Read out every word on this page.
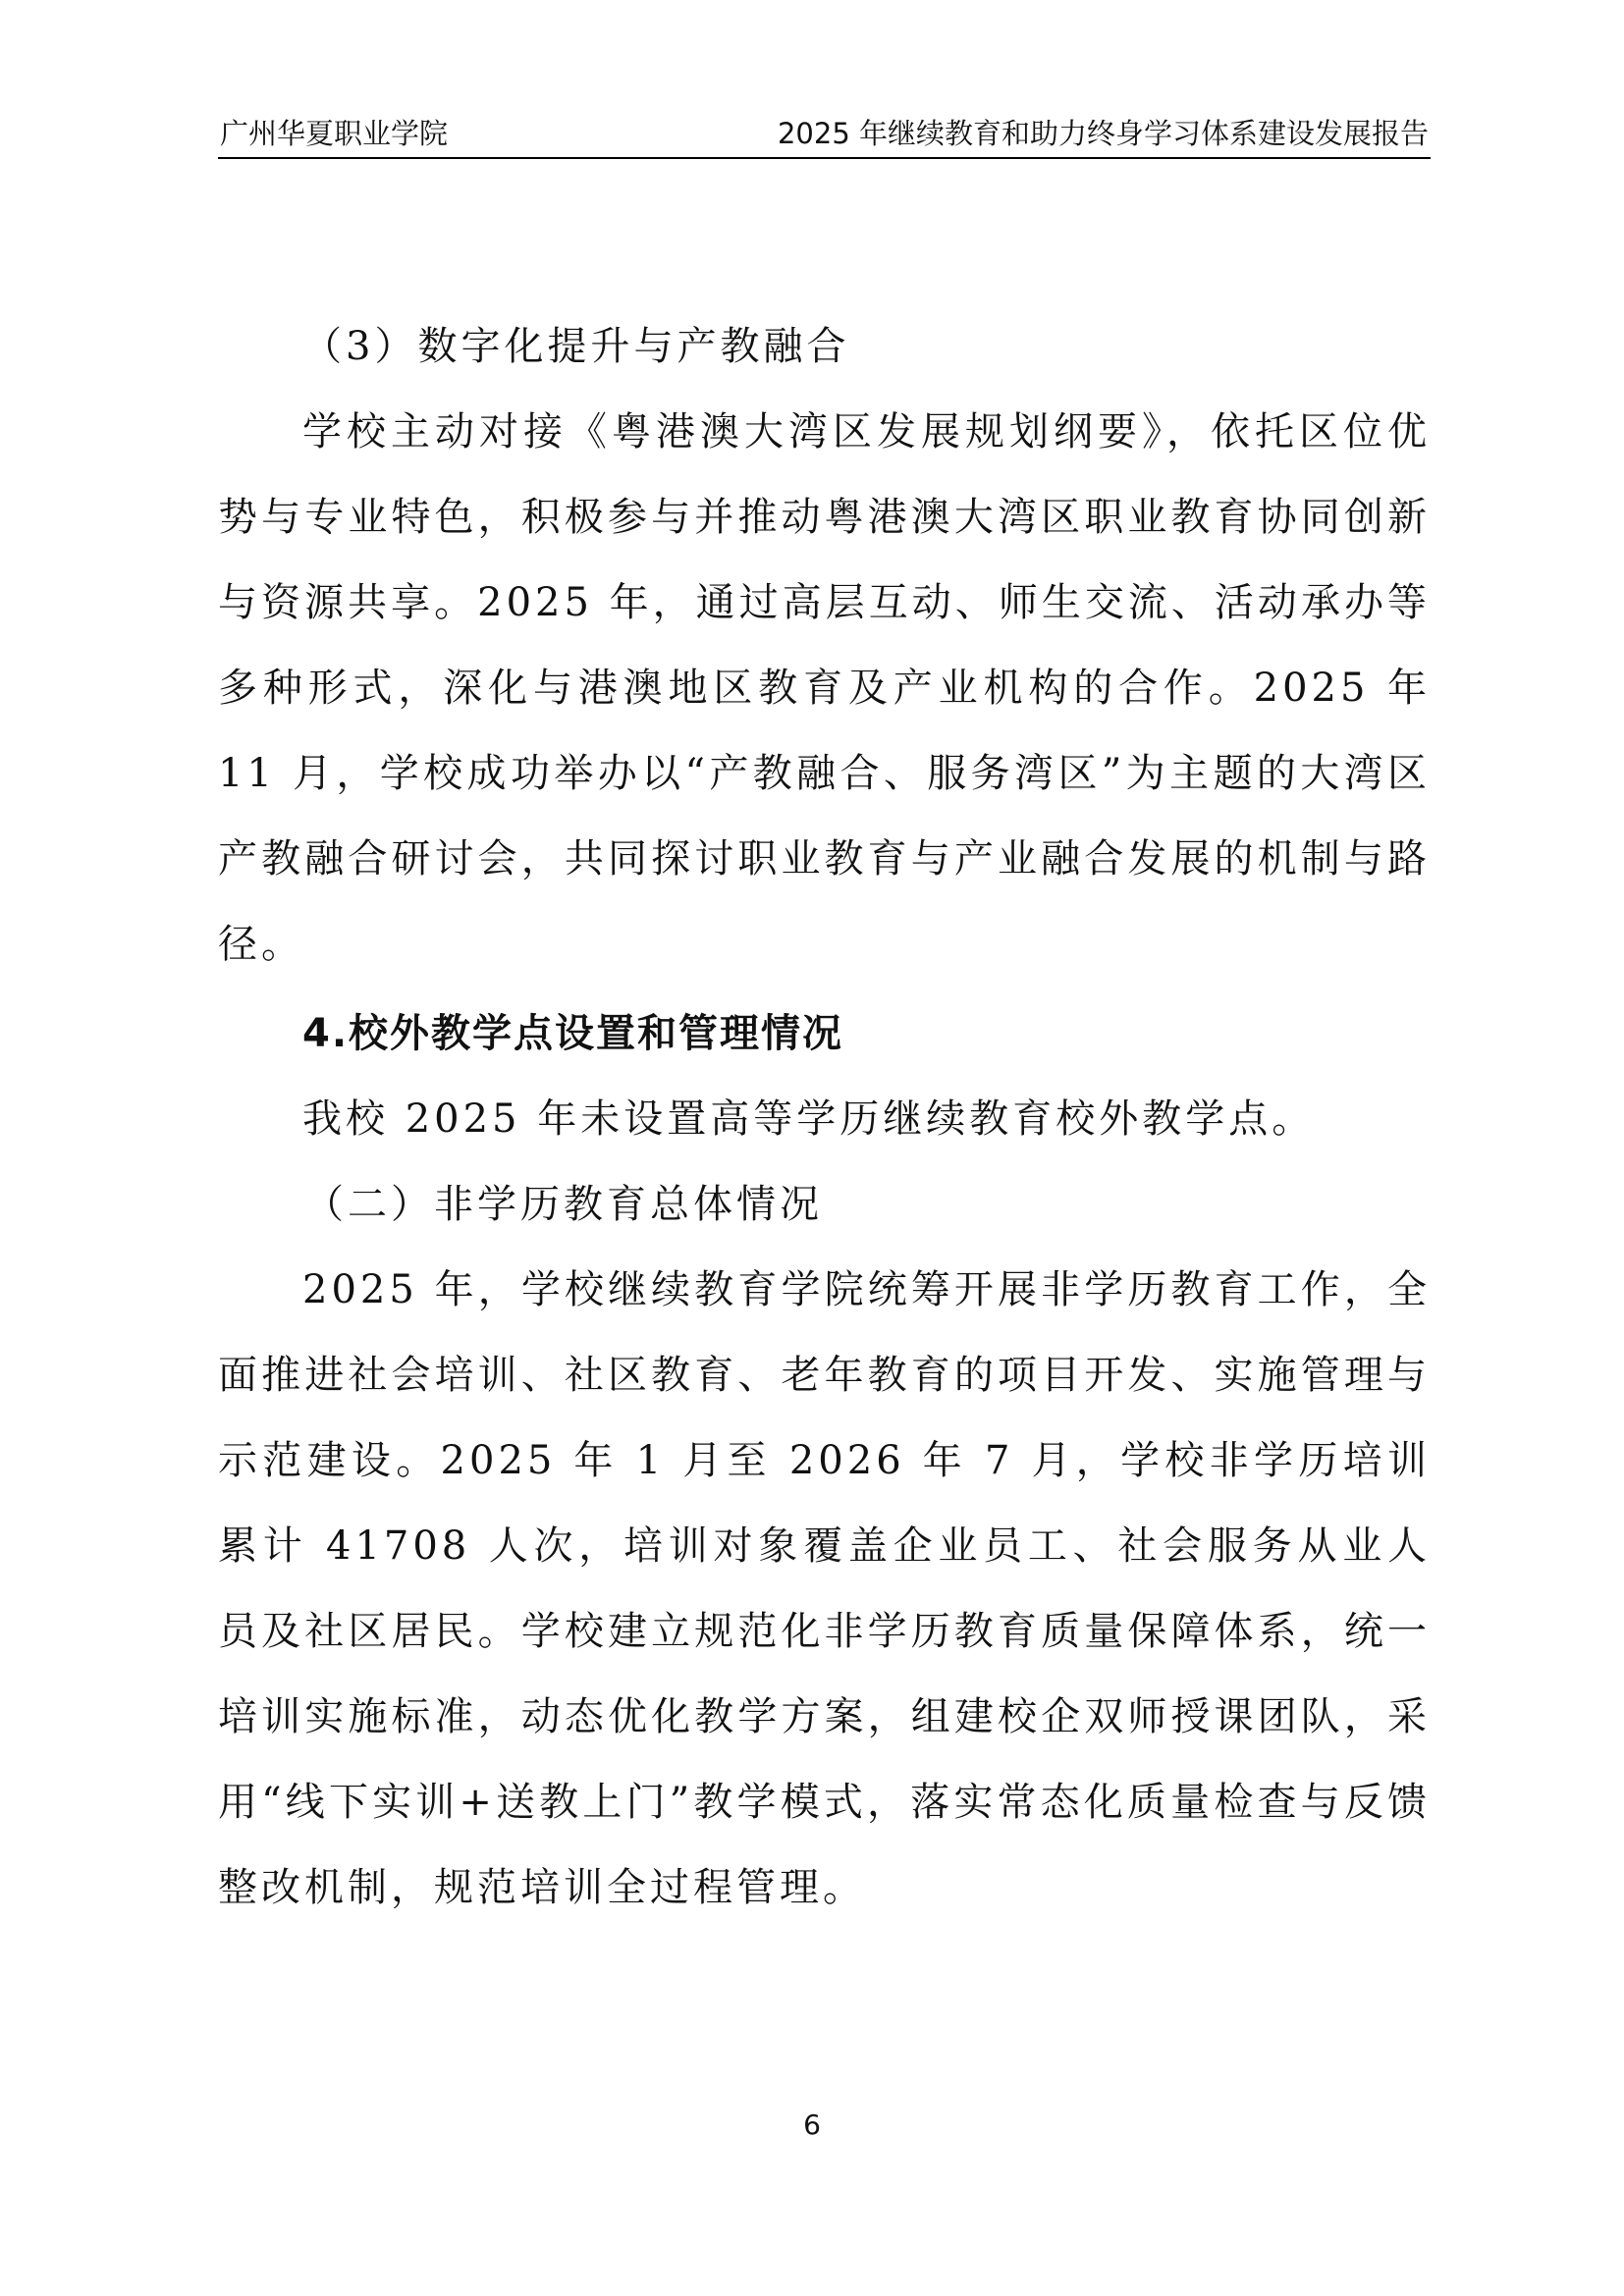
广州华夏职业学院	2025 年继续教育和助力终身学习体系建设发展报告

（3）数字化提升与产教融合

学校主动对接《粤港澳大湾区发展规划纲要》，依托区位优势与专业特色，积极参与并推动粤港澳大湾区职业教育协同创新与资源共享。2025 年，通过高层互动、师生交流、活动承办等多种形式，深化与港澳地区教育及产业机构的合作。2025 年 11 月，学校成功举办以“产教融合、服务湾区”为主题的大湾区产教融合研讨会，共同探讨职业教育与产业融合发展的机制与路径。

4.校外教学点设置和管理情况

我校 2025 年未设置高等学历继续教育校外教学点。

（二）非学历教育总体情况

2025 年，学校继续教育学院统筹开展非学历教育工作，全面推进社会培训、社区教育、老年教育的项目开发、实施管理与示范建设。2025 年 1 月至 2026 年 7 月，学校非学历培训累计 41708 人次，培训对象覆盖企业员工、社会服务从业人员及社区居民。学校建立规范化非学历教育质量保障体系，统一培训实施标准，动态优化教学方案，组建校企双师授课团队，采用“线下实训+送教上门”教学模式，落实常态化质量检查与反馈整改机制，规范培训全过程管理。

6
